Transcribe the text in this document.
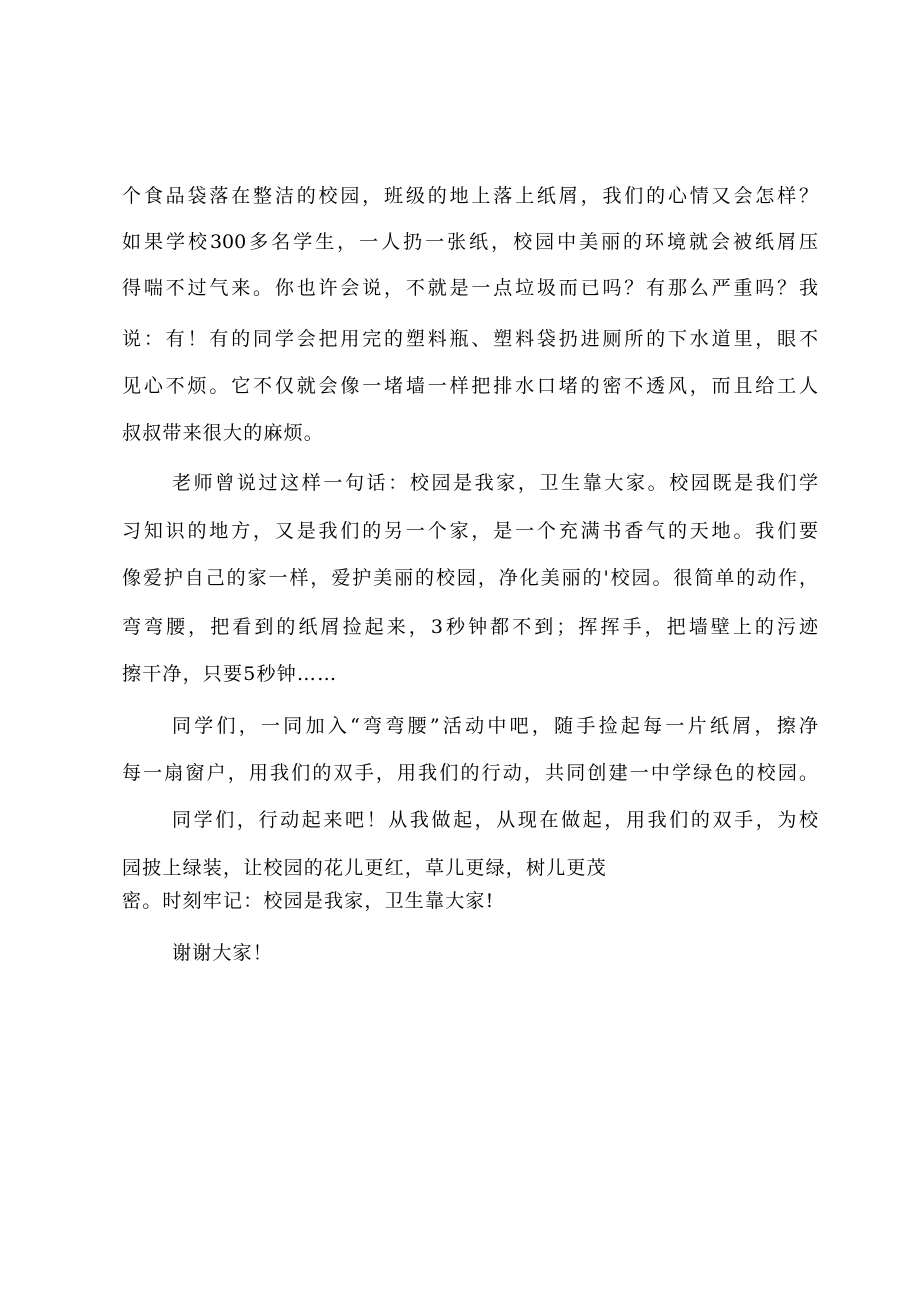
个食品袋落在整洁的校园，班级的地上落上纸屑，我们的心情又会怎样？

如果学校300多名学生，一人扔一张纸，校园中美丽的环境就会被纸屑压

得喘不过气来。你也许会说，不就是一点垃圾而已吗？有那么严重吗？我

说：有！有的同学会把用完的塑料瓶、塑料袋扔进厕所的下水道里，眼不

见心不烦。它不仅就会像一堵墙一样把排水口堵的密不透风，而且给工人

叔叔带来很大的麻烦。

老师曾说过这样一句话：校园是我家，卫生靠大家。校园既是我们学

习知识的地方，又是我们的另一个家，是一个充满书香气的天地。我们要

像爱护自己的家一样，爱护美丽的校园，净化美丽的'校园。很简单的动作，

弯弯腰，把看到的纸屑捡起来，3秒钟都不到；挥挥手，把墙壁上的污迹

擦干净，只要5秒钟……

同学们，一同加入“弯弯腰”活动中吧，随手捡起每一片纸屑，擦净

每一扇窗户，用我们的双手，用我们的行动，共同创建一中学绿色的校园。

同学们，行动起来吧！从我做起，从现在做起，用我们的双手，为校

园披上绿装，让校园的花儿更红，草儿更绿，树儿更茂

密。时刻牢记：校园是我家，卫生靠大家!

谢谢大家！
